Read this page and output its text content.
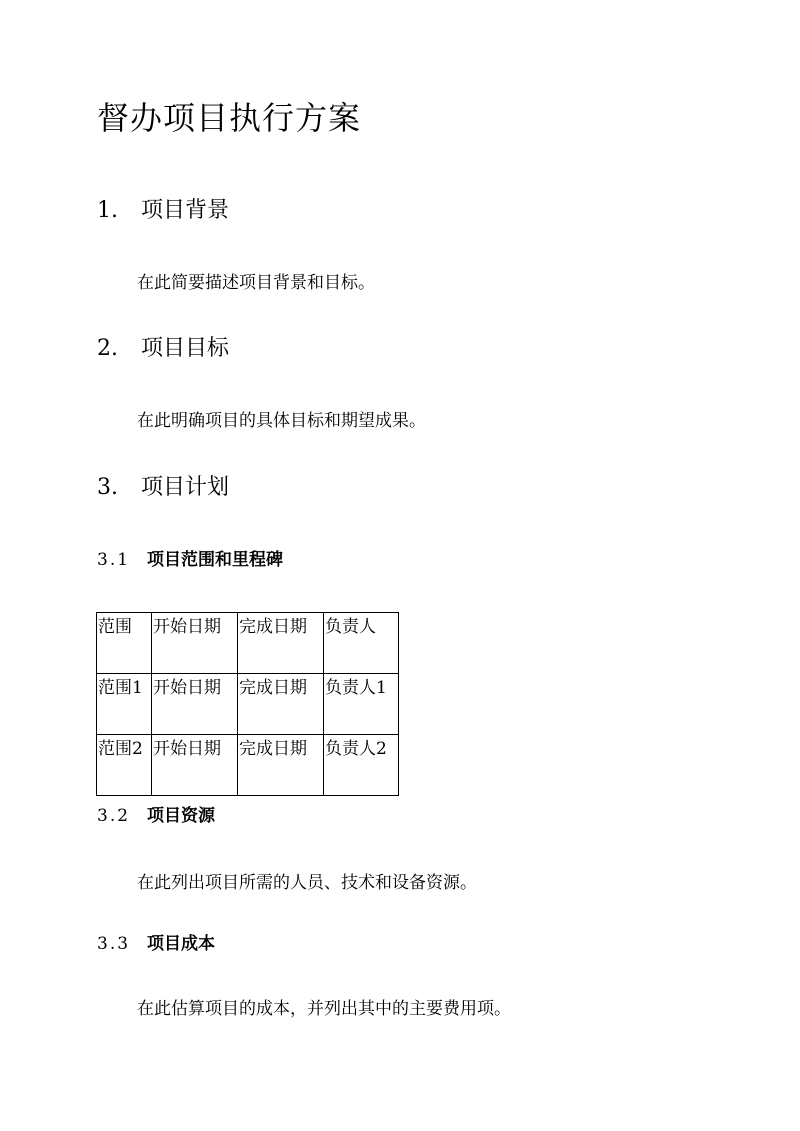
督办项目执行方案
1. 项目背景

在此简要描述项目背景和目标。

2. 项目目标

在此明确项目的具体目标和期望成果。

3. 项目计划
3.1 项目范围和里程碑
范围	开始日期	完成日期	负责人
范围1	开始日期	完成日期	负责人1
范围2	开始日期	完成日期	负责人2
3.2 项目资源

在此列出项目所需的人员、技术和设备资源。

3.3 项目成本

在此估算项目的成本，并列出其中的主要费用项。
